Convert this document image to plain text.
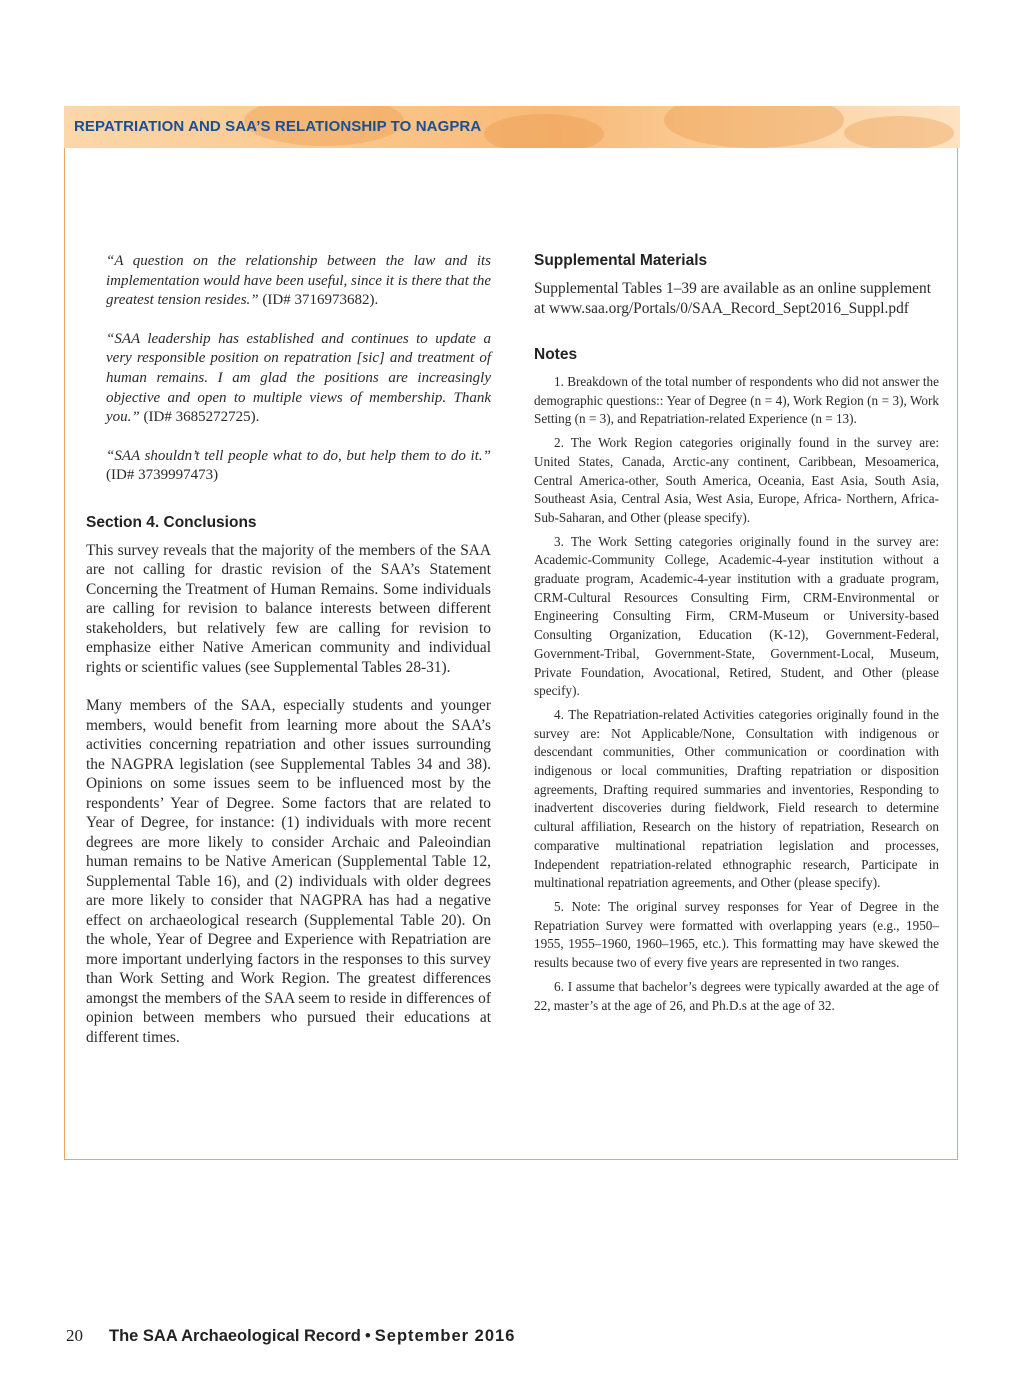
REPATRIATION AND SAA’S RELATIONSHIP TO NAGPRA

“A question on the relationship between the law and its implementation would have been useful, since it is there that the greatest tension resides.” (ID# 3716973682).

“SAA leadership has established and continues to update a very responsible position on repatration [sic] and treatment of human remains. I am glad the positions are increasingly objective and open to multiple views of membership. Thank you.” (ID# 3685272725).

“SAA shouldn’t tell people what to do, but help them to do it.” (ID# 3739997473)

Section 4. Conclusions

This survey reveals that the majority of the members of the SAA are not calling for drastic revision of the SAA’s Statement Concerning the Treatment of Human Remains. Some individuals are calling for revision to balance interests between different stakeholders, but relatively few are calling for revision to emphasize either Native American community and individual rights or scientific values (see Supplemental Tables 28-31).

Many members of the SAA, especially students and younger members, would benefit from learning more about the SAA’s activities concerning repatriation and other issues surrounding the NAGPRA legislation (see Supplemental Tables 34 and 38). Opinions on some issues seem to be influenced most by the respondents’ Year of Degree. Some factors that are related to Year of Degree, for instance: (1) individuals with more recent degrees are more likely to consider Archaic and Paleoindian human remains to be Native American (Supplemental Table 12, Supplemental Table 16), and (2) individuals with older degrees are more likely to consider that NAGPRA has had a negative effect on archaeological research (Supplemental Table 20). On the whole, Year of Degree and Experience with Repatriation are more important underlying factors in the responses to this survey than Work Setting and Work Region. The greatest differences amongst the members of the SAA seem to reside in differences of opinion between members who pursued their educations at different times.

Supplemental Materials

Supplemental Tables 1–39 are available as an online supplement at www.saa.org/Portals/0/SAA_Record_Sept2016_Suppl.pdf

Notes

1. Breakdown of the total number of respondents who did not answer the demographic questions:: Year of Degree (n = 4), Work Region (n = 3), Work Setting (n = 3), and Repatriation-related Experience (n = 13).

2. The Work Region categories originally found in the survey are: United States, Canada, Arctic-any continent, Caribbean, Mesoamerica, Central America-other, South America, Oceania, East Asia, South Asia, Southeast Asia, Central Asia, West Asia, Europe, Africa- Northern, Africa-Sub-Saharan, and Other (please specify).

3. The Work Setting categories originally found in the survey are: Academic-Community College, Academic-4-year institution without a graduate program, Academic-4-year institution with a graduate program, CRM-Cultural Resources Consulting Firm, CRM-Environmental or Engineering Consulting Firm, CRM-Museum or University-based Consulting Organization, Education (K-12), Government-Federal, Government-Tribal, Government-State, Government-Local, Museum, Private Foundation, Avocational, Retired, Student, and Other (please specify).

4. The Repatriation-related Activities categories originally found in the survey are: Not Applicable/None, Consultation with indigenous or descendant communities, Other communication or coordination with indigenous or local communities, Drafting repatriation or disposition agreements, Drafting required summaries and inventories, Responding to inadvertent discoveries during fieldwork, Field research to determine cultural affiliation, Research on the history of repatriation, Research on comparative multinational repatriation legislation and processes, Independent repatriation-related ethnographic research, Participate in multinational repatriation agreements, and Other (please specify).

5. Note: The original survey responses for Year of Degree in the Repatriation Survey were formatted with overlapping years (e.g., 1950–1955, 1955–1960, 1960–1965, etc.). This formatting may have skewed the results because two of every five years are represented in two ranges.

6. I assume that bachelor’s degrees were typically awarded at the age of 22, master’s at the age of 26, and Ph.D.s at the age of 32.

20 The SAA Archaeological Record • September 2016
